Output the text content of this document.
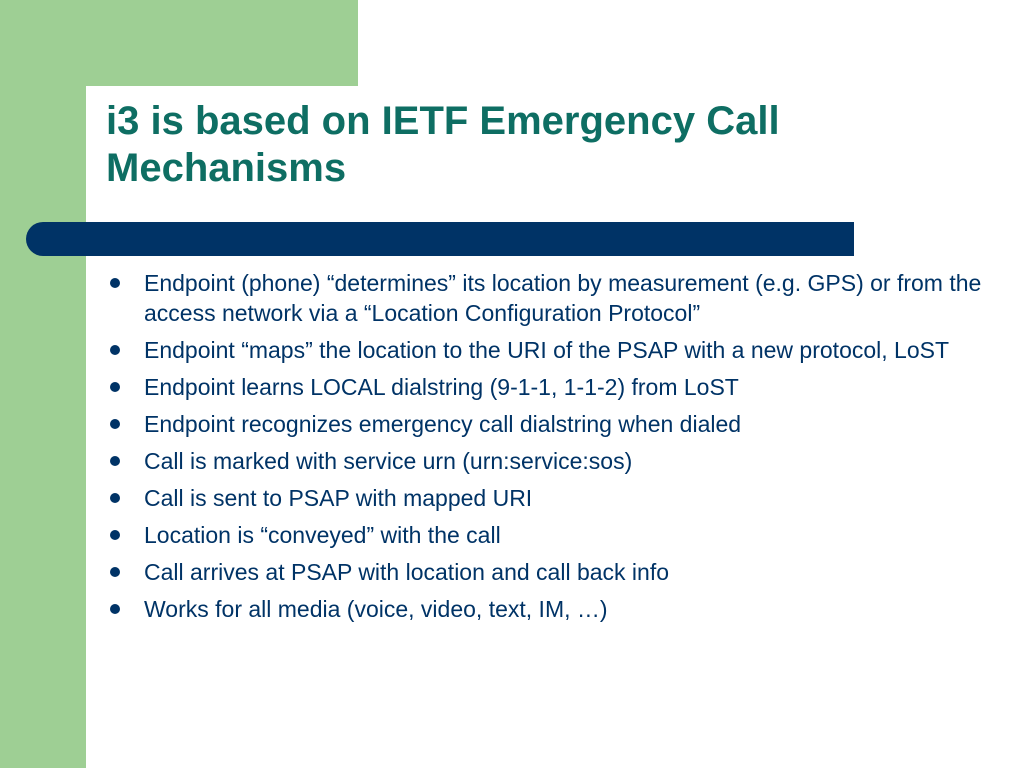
i3 is based on IETF Emergency Call Mechanisms
Endpoint (phone) “determines” its location by measurement (e.g. GPS) or from the access network via a “Location Configuration Protocol”
Endpoint “maps” the location to the URI of the PSAP with a new protocol, LoST
Endpoint learns LOCAL dialstring (9-1-1, 1-1-2) from LoST
Endpoint recognizes emergency call dialstring when dialed
Call is marked with service urn (urn:service:sos)
Call is sent to PSAP with mapped URI
Location is “conveyed” with the call
Call arrives at PSAP with location and call back info
Works for all media (voice, video, text, IM, …)
